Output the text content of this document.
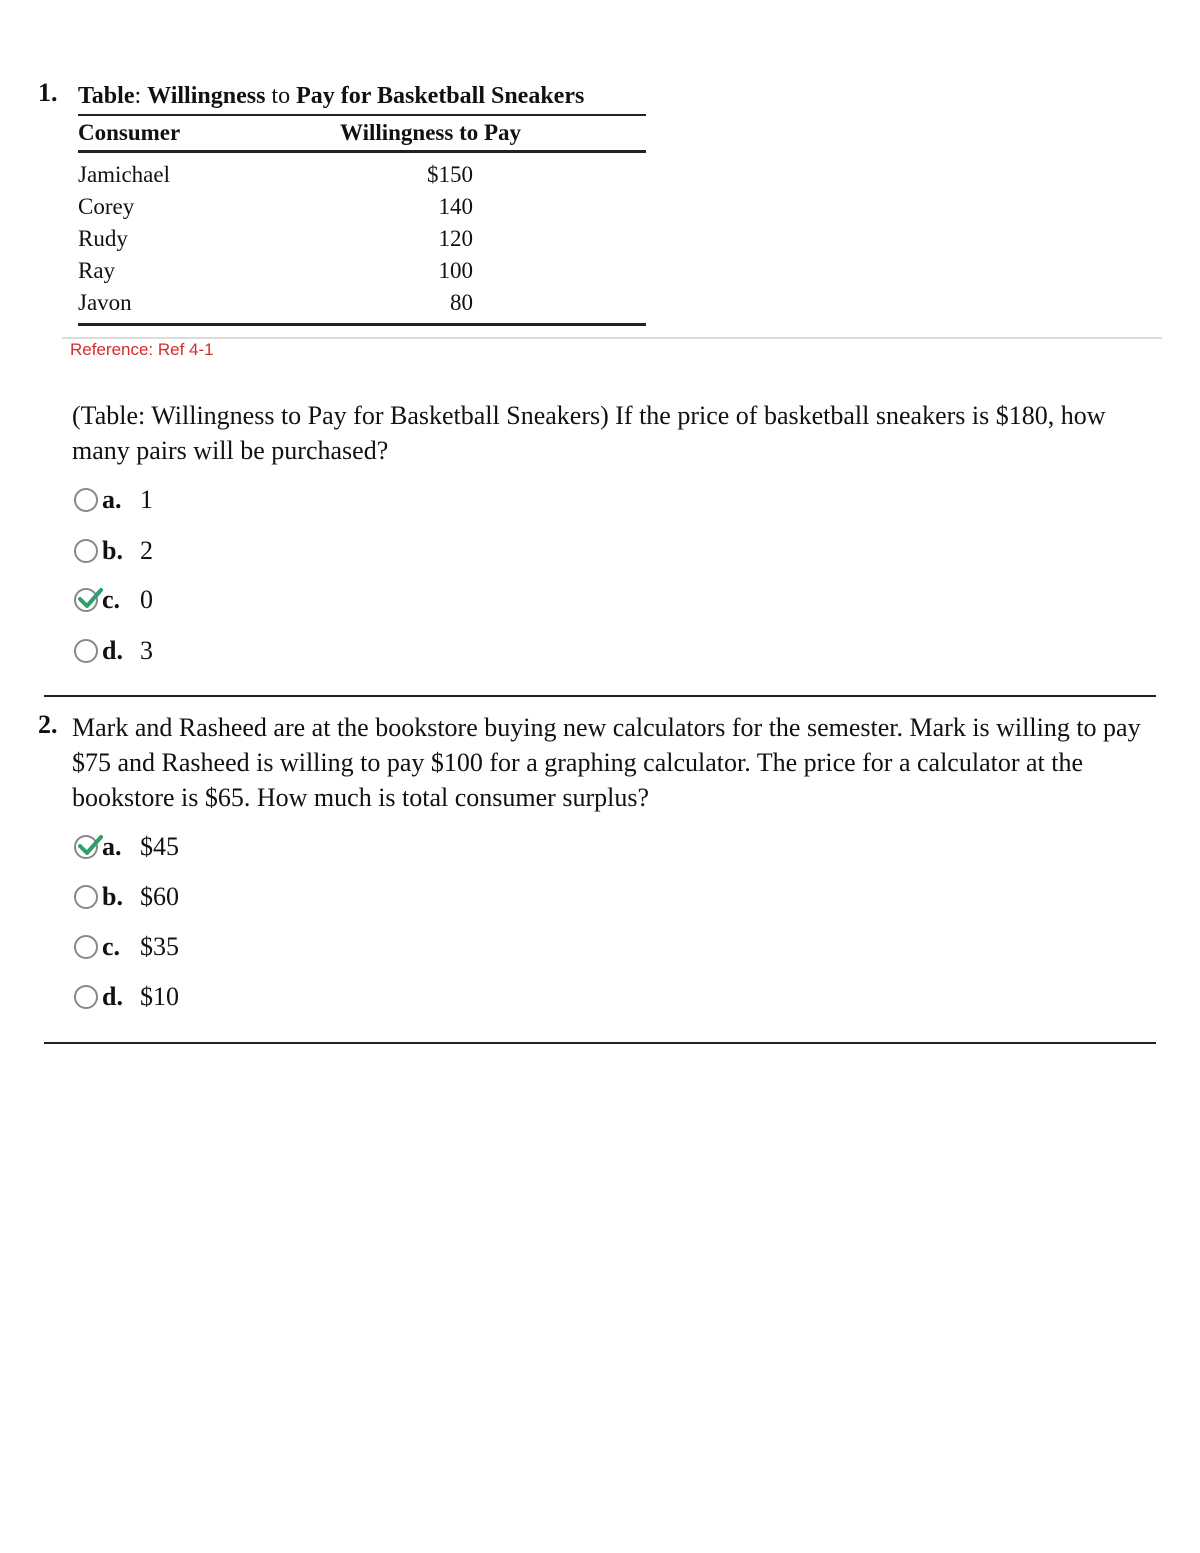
1. Table: Willingness to Pay for Basketball Sneakers
Consumer	Willingness to Pay
Jamichael	$150
Corey	140
Rudy	120
Ray	100
Javon	80
Reference: Ref 4-1
(Table: Willingness to Pay for Basketball Sneakers) If the price of basketball sneakers is $180, how many pairs will be purchased?
a. 1
b. 2
c. 0
d. 3
2. Mark and Rasheed are at the bookstore buying new calculators for the semester. Mark is willing to pay $75 and Rasheed is willing to pay $100 for a graphing calculator. The price for a calculator at the bookstore is $65. How much is total consumer surplus?
a. $45
b. $60
c. $35
d. $10
